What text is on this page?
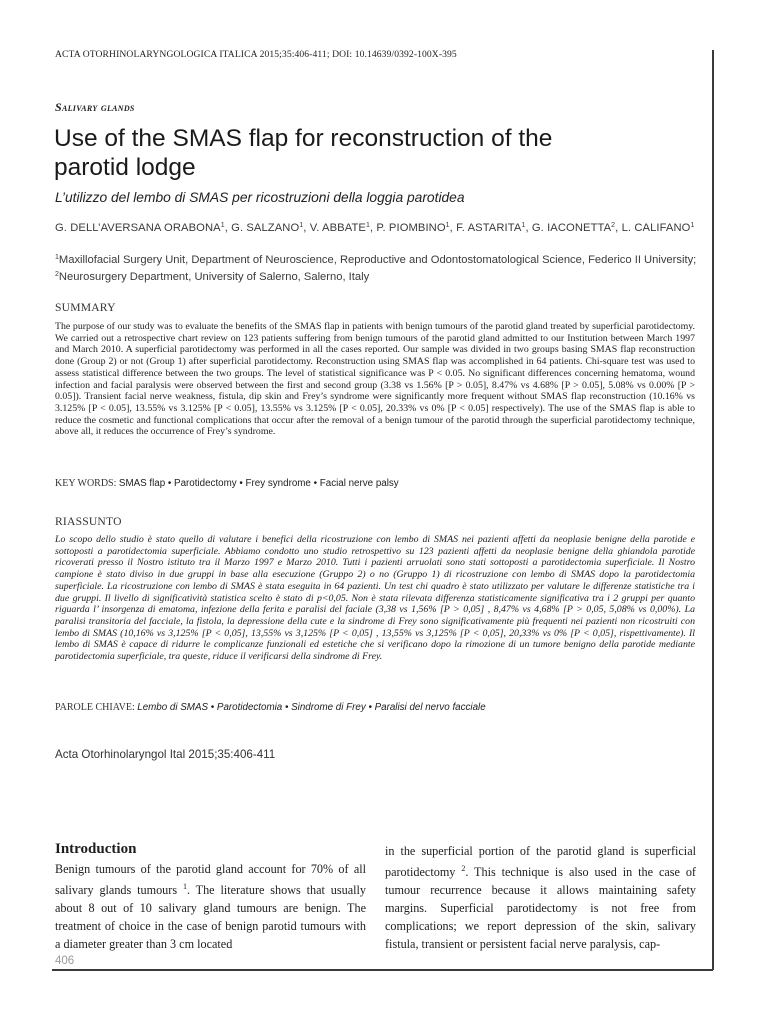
ACTA OTORHINOLARYNGOLOGICA ITALICA 2015;35:406-411; DOI: 10.14639/0392-100X-395
Salivary glands
Use of the SMAS flap for reconstruction of the parotid lodge
L’utilizzo del lembo di SMAS per ricostruzioni della loggia parotidea
G. DELL’AVERSANA ORABONA$^1$, G. SALZANO$^1$, V. ABBATE$^1$, P. PIOMBINO$^1$, F. ASTARITA$^1$, G. IACONETTA$^2$, L. CALIFANO$^1$
$^1$Maxillofacial Surgery Unit, Department of Neuroscience, Reproductive and Odontostomatological Science, Federico II University; $^2$Neurosurgery Department, University of Salerno, Salerno, Italy
SUMMARY
The purpose of our study was to evaluate the benefits of the SMAS flap in patients with benign tumours of the parotid gland treated by superficial parotidectomy. We carried out a retrospective chart review on 123 patients suffering from benign tumours of the parotid gland admitted to our Institution between March 1997 and March 2010. A superficial parotidectomy was performed in all the cases reported. Our sample was divided in two groups basing SMAS flap reconstruction done (Group 2) or not (Group 1) after superficial parotidectomy. Reconstruction using SMAS flap was accomplished in 64 patients. Chi-square test was used to assess statistical difference between the two groups. The level of statistical significance was P < 0.05. No significant differences concerning hematoma, wound infection and facial paralysis were observed between the first and second group (3.38 vs 1.56% [P > 0.05], 8.47% vs 4.68% [P > 0.05], 5.08% vs 0.00% [P > 0.05]). Transient facial nerve weakness, fistula, dip skin and Frey’s syndrome were significantly more frequent without SMAS flap reconstruction (10.16% vs 3.125% [P < 0.05], 13.55% vs 3.125% [P < 0.05], 13.55% vs 3.125% [P < 0.05], 20.33% vs 0% [P < 0.05] respectively). The use of the SMAS flap is able to reduce the cosmetic and functional complications that occur after the removal of a benign tumour of the parotid through the superficial parotidectomy technique, above all, it reduces the occurrence of Frey’s syndrome.
KEY WORDS: SMAS flap • Parotidectomy • Frey syndrome • Facial nerve palsy
RIASSUNTO
Lo scopo dello studio è stato quello di valutare i benefici della ricostruzione con lembo di SMAS nei pazienti affetti da neoplasie benigne della parotide e sottoposti a parotidectomia superficiale. Abbiamo condotto uno studio retrospettivo su 123 pazienti affetti da neoplasie benigne della ghiandola parotide ricoverati presso il Nostro istituto tra il Marzo 1997 e Marzo 2010. Tutti i pazienti arruolati sono stati sottoposti a parotidectomia superficiale. Il Nostro campione è stato diviso in due gruppi in base alla esecuzione (Gruppo 2) o no (Gruppo 1) di ricostruzione con lembo di SMAS dopo la parotidectomia superficiale. La ricostruzione con lembo di SMAS è stata eseguita in 64 pazienti. Un test chi quadro è stato utilizzato per valutare le differenze statistiche tra i due gruppi. Il livello di significatività statistica scelto è stato di p<0,05. Non è stata rilevata differenza statisticamente significativa tra i 2 gruppi per quanto riguarda l’ insorgenza di ematoma, infezione della ferita e paralisi del faciale (3,38 vs 1,56% [P > 0,05] , 8,47% vs 4,68% [P > 0,05, 5,08% vs 0,00%). La paralisi transitoria del facciale, la fistola, la depressione della cute e la sindrome di Frey sono significativamente più frequenti nei pazienti non ricostruiti con lembo di SMAS (10,16% vs 3,125% [P < 0,05], 13,55% vs 3,125% [P < 0,05] , 13,55% vs 3,125% [P < 0,05], 20,33% vs 0% [P < 0,05], rispettivamente). Il lembo di SMAS è capace di ridurre le complicanze funzionali ed estetiche che si verificano dopo la rimozione di un tumore benigno della parotide mediante parotidectomia superficiale, tra queste, riduce il verificarsi della sindrome di Frey.
PAROLE CHIAVE: Lembo di SMAS • Parotidectomia • Sindrome di Frey • Paralisi del nervo facciale
Acta Otorhinolaryngol Ital 2015;35:406-411
Introduction
Benign tumours of the parotid gland account for 70% of all salivary glands tumours $^1$. The literature shows that usually about 8 out of 10 salivary gland tumours are benign. The treatment of choice in the case of benign parotid tumours with a diameter greater than 3 cm located
in the superficial portion of the parotid gland is superficial parotidectomy $^2$. This technique is also used in the case of tumour recurrence because it allows maintaining safety margins. Superficial parotidectomy is not free from complications; we report depression of the skin, salivary fistula, transient or persistent facial nerve paralysis, cap-
406
